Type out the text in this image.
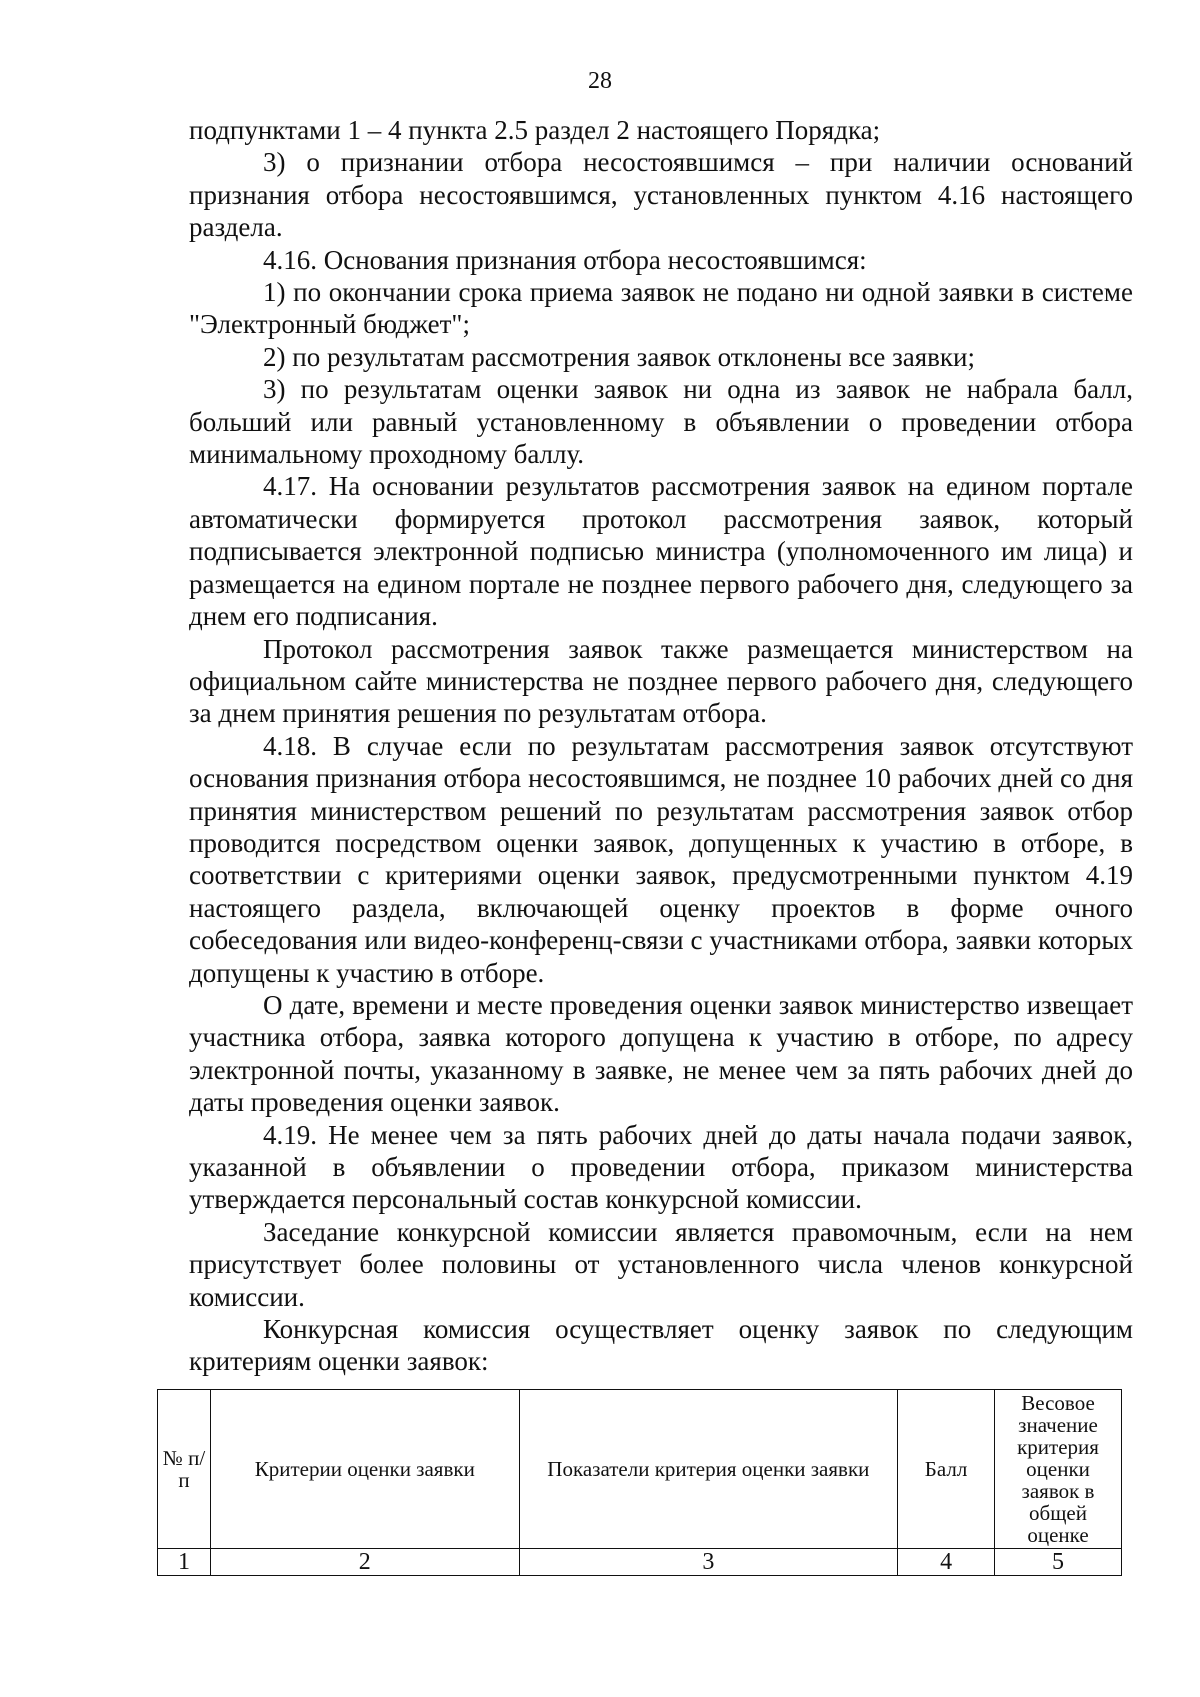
28

подпунктами 1 – 4 пункта 2.5 раздел 2 настоящего Порядка;

3) о признании отбора несостоявшимся – при наличии оснований признания отбора несостоявшимся, установленных пунктом 4.16 настоящего раздела.

4.16. Основания признания отбора несостоявшимся:

1) по окончании срока приема заявок не подано ни одной заявки в системе "Электронный бюджет";

2) по результатам рассмотрения заявок отклонены все заявки;

3) по результатам оценки заявок ни одна из заявок не набрала балл, больший или равный установленному в объявлении о проведении отбора минимальному проходному баллу.

4.17. На основании результатов рассмотрения заявок на едином портале автоматически формируется протокол рассмотрения заявок, который подписывается электронной подписью министра (уполномоченного им лица) и размещается на едином портале не позднее первого рабочего дня, следующего за днем его подписания.

Протокол рассмотрения заявок также размещается министерством на официальном сайте министерства не позднее первого рабочего дня, следующего за днем принятия решения по результатам отбора.

4.18. В случае если по результатам рассмотрения заявок отсутствуют основания признания отбора несостоявшимся, не позднее 10 рабочих дней со дня принятия министерством решений по результатам рассмотрения заявок отбор проводится посредством оценки заявок, допущенных к участию в отборе, в соответствии с критериями оценки заявок, предусмотренными пунктом 4.19 настоящего раздела, включающей оценку проектов в форме очного собеседования или видео-конференц-связи с участниками отбора, заявки которых допущены к участию в отборе.

О дате, времени и месте проведения оценки заявок министерство извещает участника отбора, заявка которого допущена к участию в отборе, по адресу электронной почты, указанному в заявке, не менее чем за пять рабочих дней до даты проведения оценки заявок.

4.19. Не менее чем за пять рабочих дней до даты начала подачи заявок, указанной в объявлении о проведении отбора, приказом министерства утверждается персональный состав конкурсной комиссии.

Заседание конкурсной комиссии является правомочным, если на нем присутствует более половины от установленного числа членов конкурсной комиссии.

Конкурсная комиссия осуществляет оценку заявок по следующим критериям оценки заявок:

№ п/п	Критерии оценки заявки	Показатели критерия оценки заявки	Балл	Весовое значение критерия оценки заявок в общей оценке
1	2	3	4	5
